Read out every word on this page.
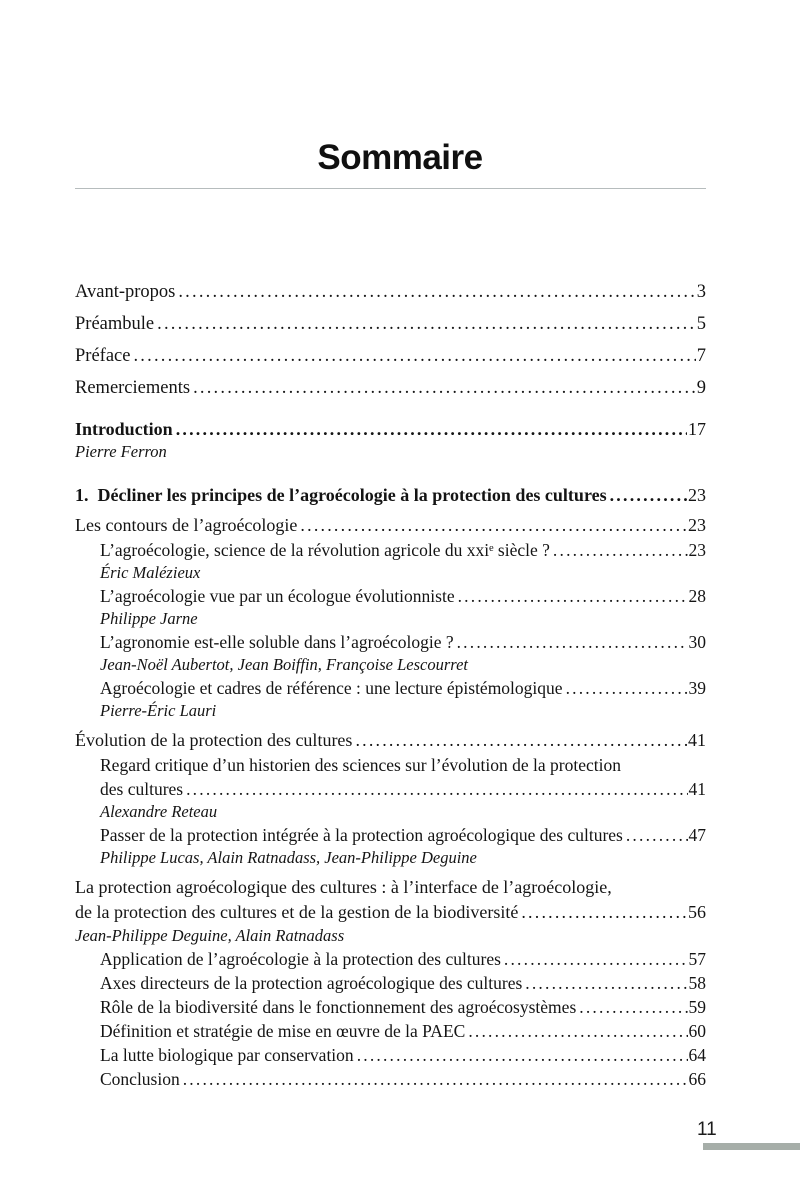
Sommaire
Avant-propos .....	3
Préambule .....	5
Préface .....	7
Remerciements .....	9
Introduction .....	17
Pierre Ferron
1.  Décliner les principes de l’agroécologie à la protection des cultures .....	23
Les contours de l’agroécologie .....	23
L’agroécologie, science de la révolution agricole du xxiᵉ siècle ? .....	23
Éric Malézieux
L’agroécologie vue par un écologue évolutionniste .....	28
Philippe Jarne
L’agronomie est-elle soluble dans l’agroécologie ? .....	30
Jean-Noël Aubertot, Jean Boiffin, Françoise Lescourret
Agroécologie et cadres de référence : une lecture épistémologique .....	39
Pierre-Éric Lauri
Évolution de la protection des cultures .....	41
Regard critique d’un historien des sciences sur l’évolution de la protection
des cultures .....	41
Alexandre Reteau
Passer de la protection intégrée à la protection agroécologique des cultures .....	47
Philippe Lucas, Alain Ratnadass, Jean-Philippe Deguine
La protection agroécologique des cultures : à l’interface de l’agroécologie,
de la protection des cultures et de la gestion de la biodiversité .....	56
Jean-Philippe Deguine, Alain Ratnadass
Application de l’agroécologie à la protection des cultures .....	57
Axes directeurs de la protection agroécologique des cultures .....	58
Rôle de la biodiversité dans le fonctionnement des agroécosystèmes .....	59
Définition et stratégie de mise en œuvre de la PAEC .....	60
La lutte biologique par conservation .....	64
Conclusion .....	66
11
